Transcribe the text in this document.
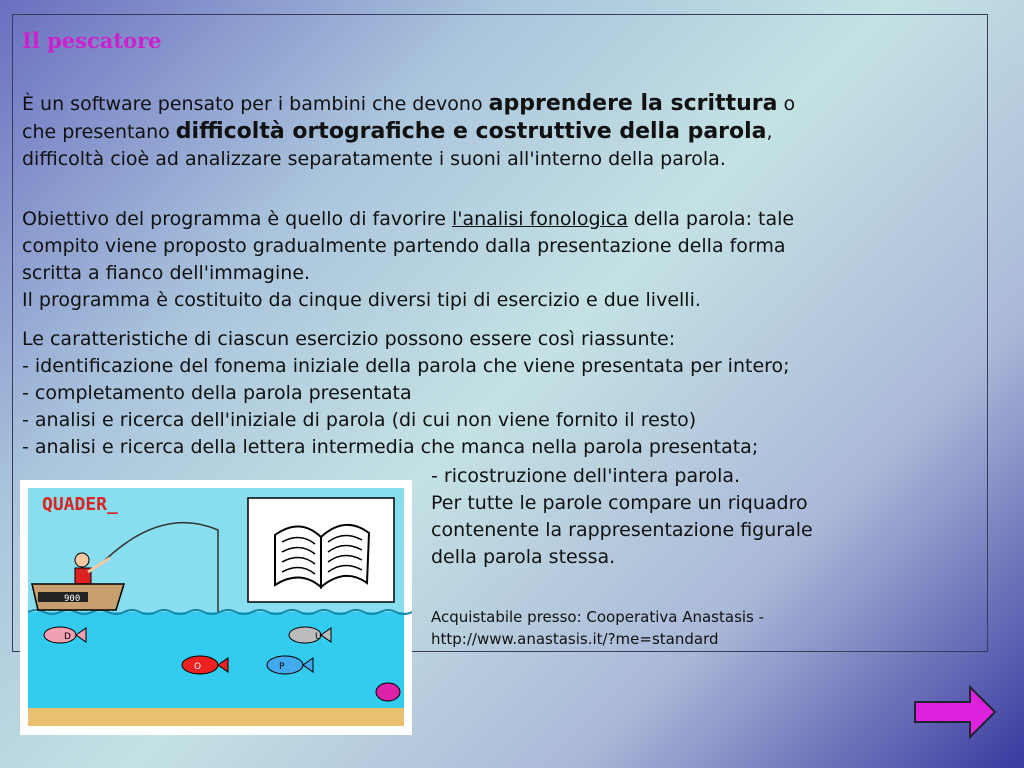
Il pescatore

È un software pensato per i bambini che devono apprendere la scrittura o
che presentano difficoltà ortografiche e costruttive della parola,
difficoltà cioè ad analizzare separatamente i suoni all'interno della parola.

Obiettivo del programma è quello di favorire l'analisi fonologica della parola: tale
compito viene proposto gradualmente partendo dalla presentazione della forma
scritta a fianco dell'immagine.
Il programma è costituito da cinque diversi tipi di esercizio e due livelli.

Le caratteristiche di ciascun esercizio possono essere così riassunte:
- identificazione del fonema iniziale della parola che viene presentata per intero;
- completamento della parola presentata
- analisi e ricerca dell'iniziale di parola (di cui non viene fornito il resto)
- analisi e ricerca della lettera intermedia che manca nella parola presentata;
- ricostruzione dell'intera parola.
Per tutte le parole compare un riquadro
contenente la rappresentazione figurale
della parola stessa.
Acquistabile presso: Cooperativa Anastasis -
http://www.anastasis.it/?me=standard
QUADER_
900
D	U
O	P
